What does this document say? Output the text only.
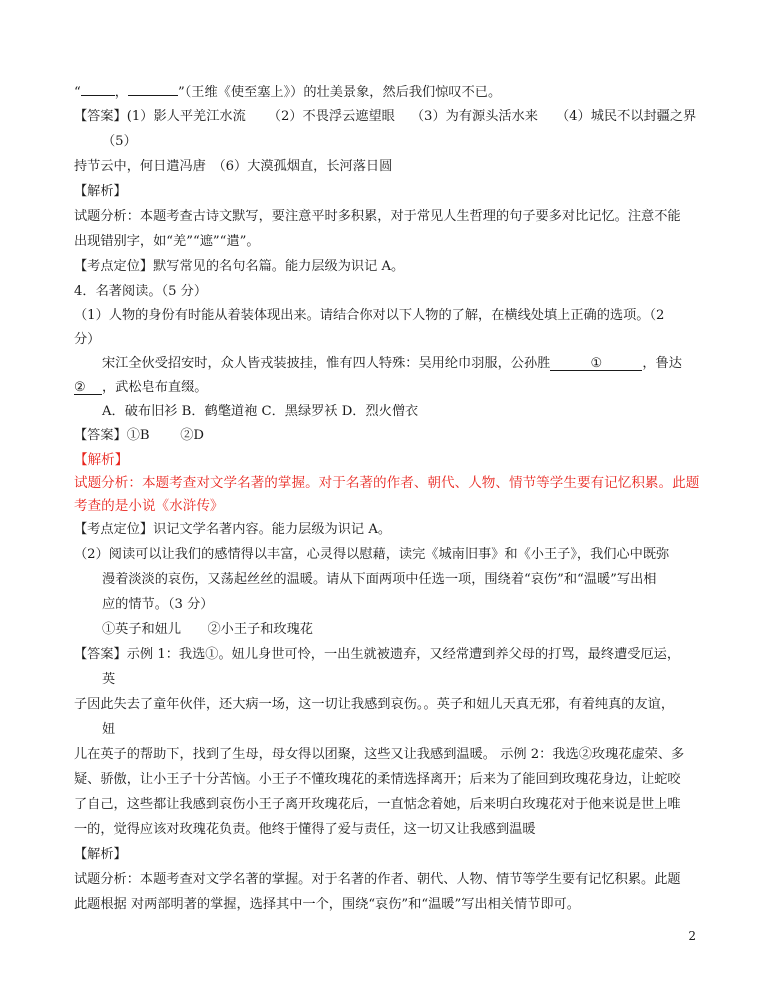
“	，	”（王维《使至塞上》）的壮美景象，然后我们惊叹不已。
【答案】(1）影人平羌江水流 （2）不畏浮云遮望眼 （3）为有源头活水来 （4）城民不以封疆之界
（5）
持节云中，何日遣冯唐　（6）大漠孤烟直，长河落日圆
【解析】
试题分析：本题考查古诗文默写，要注意平时多积累，对于常见人生哲理的句子要多对比记忆。注意不能
出现错别字，如“羌”“遮”“遣”。
【考点定位】默写常见的名句名篇。能力层级为识记 A。
4．名著阅读。（5 分）
（1）人物的身份有时能从着装体现出来。请结合你对以下人物的了解，在横线处填上正确的选项。（2
分）
宋江全伙受招安时，众人皆戎装披挂，惟有四人特殊：吴用纶巾羽服，公孙胜	①	，鲁达
② ，武松皂布直缀。
A．破布旧衫 B．鹤氅道袍 C．黑绿罗袄 D．烈火僧衣
【答案】①B　　 ②D
【解析】
试题分析：本题考查对文学名著的掌握。对于名著的作者、朝代、人物、情节等学生要有记忆积累。此题
考查的是小说《水浒传》
【考点定位】识记文学名著内容。能力层级为识记 A。
（2）阅读可以让我们的感情得以丰富，心灵得以慰藉，读完《城南旧事》和《小王子》，我们心中既弥
漫着淡淡的哀伤，又荡起丝丝的温暖。请从下面两项中任选一项，围绕着“哀伤”和“温暖”写出相
应的情节。（3 分）
①英子和妞儿　　②小王子和玫瑰花
【答案】示例 1：我选①。妞儿身世可怜，一出生就被遗弃，又经常遭到养父母的打骂，最终遭受厄运，
英
子因此失去了童年伙伴，还大病一场，这一切让我感到哀伤。。英子和妞儿天真无邪，有着纯真的友谊，
妞
儿在英子的帮助下，找到了生母，母女得以团聚，这些又让我感到温暖。 示例 2：我选②玫瑰花虚荣、多
疑、骄傲，让小王子十分苦恼。小王子不懂玫瑰花的柔情选择离开；后来为了能回到玫瑰花身边，让蛇咬
了自己，这些都让我感到哀伤小王子离开玫瑰花后，一直惦念着她，后来明白玫瑰花对于他来说是世上唯
一的，觉得应该对玫瑰花负责。他终于懂得了爱与责任，这一切又让我感到温暖
【解析】
试题分析：本题考查对文学名著的掌握。对于名著的作者、朝代、人物、情节等学生要有记忆积累。此题
此题根据 对两部明著的掌握，选择其中一个，围绕“哀伤”和“温暖”写出相关情节即可。
2
